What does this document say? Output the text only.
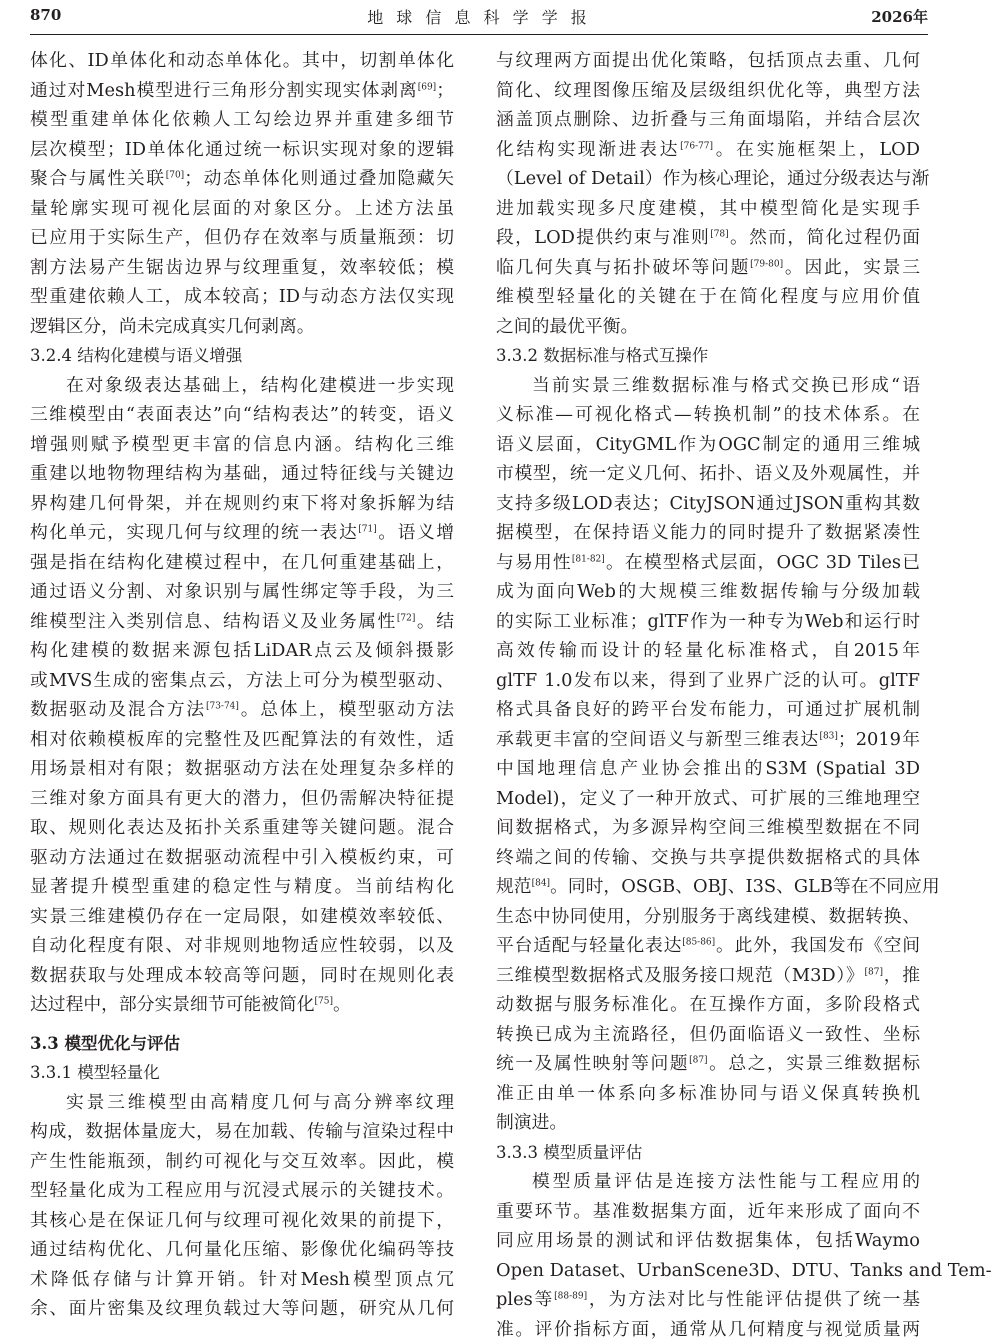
870	地 球 信 息 科 学 学 报	2026年
体化、ID单体化和动态单体化。其中，切割单体化
通过对Mesh模型进行三角形分割实现实体剥离[69]；
模型重建单体化依赖人工勾绘边界并重建多细节
层次模型；ID单体化通过统一标识实现对象的逻辑
聚合与属性关联[70]；动态单体化则通过叠加隐藏矢
量轮廓实现可视化层面的对象区分。上述方法虽
已应用于实际生产，但仍存在效率与质量瓶颈：切
割方法易产生锯齿边界与纹理重复，效率较低；模
型重建依赖人工，成本较高；ID与动态方法仅实现
逻辑区分，尚未完成真实几何剥离。
3.2.4 结构化建模与语义增强
在对象级表达基础上，结构化建模进一步实现
三维模型由“表面表达”向“结构表达”的转变，语义
增强则赋予模型更丰富的信息内涵。结构化三维
重建以地物物理结构为基础，通过特征线与关键边
界构建几何骨架，并在规则约束下将对象拆解为结
构化单元，实现几何与纹理的统一表达[71]。语义增
强是指在结构化建模过程中，在几何重建基础上，
通过语义分割、对象识别与属性绑定等手段，为三
维模型注入类别信息、结构语义及业务属性[72]。结
构化建模的数据来源包括LiDAR点云及倾斜摄影
或MVS生成的密集点云，方法上可分为模型驱动、
数据驱动及混合方法[73-74]。总体上，模型驱动方法
相对依赖模板库的完整性及匹配算法的有效性，适
用场景相对有限；数据驱动方法在处理复杂多样的
三维对象方面具有更大的潜力，但仍需解决特征提
取、规则化表达及拓扑关系重建等关键问题。混合
驱动方法通过在数据驱动流程中引入模板约束，可
显著提升模型重建的稳定性与精度。当前结构化
实景三维建模仍存在一定局限，如建模效率较低、
自动化程度有限、对非规则地物适应性较弱，以及
数据获取与处理成本较高等问题，同时在规则化表
达过程中，部分实景细节可能被简化[75]。
3.3 模型优化与评估
3.3.1 模型轻量化
实景三维模型由高精度几何与高分辨率纹理
构成，数据体量庞大，易在加载、传输与渲染过程中
产生性能瓶颈，制约可视化与交互效率。因此，模
型轻量化成为工程应用与沉浸式展示的关键技术。
其核心是在保证几何与纹理可视化效果的前提下，
通过结构优化、几何量化压缩、影像优化编码等技
术降低存储与计算开销。针对Mesh模型顶点冗
余、面片密集及纹理负载过大等问题，研究从几何
与纹理两方面提出优化策略，包括顶点去重、几何
简化、纹理图像压缩及层级组织优化等，典型方法
涵盖顶点删除、边折叠与三角面塌陷，并结合层次
化结构实现渐进表达[76-77]。在实施框架上，LOD
（Level of Detail）作为核心理论，通过分级表达与渐
进加载实现多尺度建模，其中模型简化是实现手
段，LOD提供约束与准则[78]。然而，简化过程仍面
临几何失真与拓扑破坏等问题[79-80]。因此，实景三
维模型轻量化的关键在于在简化程度与应用价值
之间的最优平衡。
3.3.2 数据标准与格式互操作
当前实景三维数据标准与格式交换已形成“语
义标准—可视化格式—转换机制”的技术体系。在
语义层面，CityGML作为OGC制定的通用三维城
市模型，统一定义几何、拓扑、语义及外观属性，并
支持多级LOD表达；CityJSON通过JSON重构其数
据模型，在保持语义能力的同时提升了数据紧凑性
与易用性[81-82]。在模型格式层面，OGC 3D Tiles已
成为面向Web的大规模三维数据传输与分级加载
的实际工业标准；glTF作为一种专为Web和运行时
高效传输而设计的轻量化标准格式，自2015年
glTF 1.0发布以来，得到了业界广泛的认可。glTF
格式具备良好的跨平台发布能力，可通过扩展机制
承载更丰富的空间语义与新型三维表达[83]；2019年
中国地理信息产业协会推出的S3M (Spatial 3D
Model)，定义了一种开放式、可扩展的三维地理空
间数据格式，为多源异构空间三维模型数据在不同
终端之间的传输、交换与共享提供数据格式的具体
规范[84]。同时，OSGB、OBJ、I3S、GLB等在不同应用
生态中协同使用，分别服务于离线建模、数据转换、
平台适配与轻量化表达[85-86]。此外，我国发布《空间
三维模型数据格式及服务接口规范（M3D）》[87]，推
动数据与服务标准化。在互操作方面，多阶段格式
转换已成为主流路径，但仍面临语义一致性、坐标
统一及属性映射等问题[87]。总之，实景三维数据标
准正由单一体系向多标准协同与语义保真转换机
制演进。
3.3.3 模型质量评估
模型质量评估是连接方法性能与工程应用的
重要环节。基准数据集方面，近年来形成了面向不
同应用场景的测试和评估数据集体，包括Waymo
Open Dataset、UrbanScene3D、DTU、Tanks and Tem-
ples等[88-89]，为方法对比与性能评估提供了统一基
准。评价指标方面，通常从几何精度与视觉质量两
